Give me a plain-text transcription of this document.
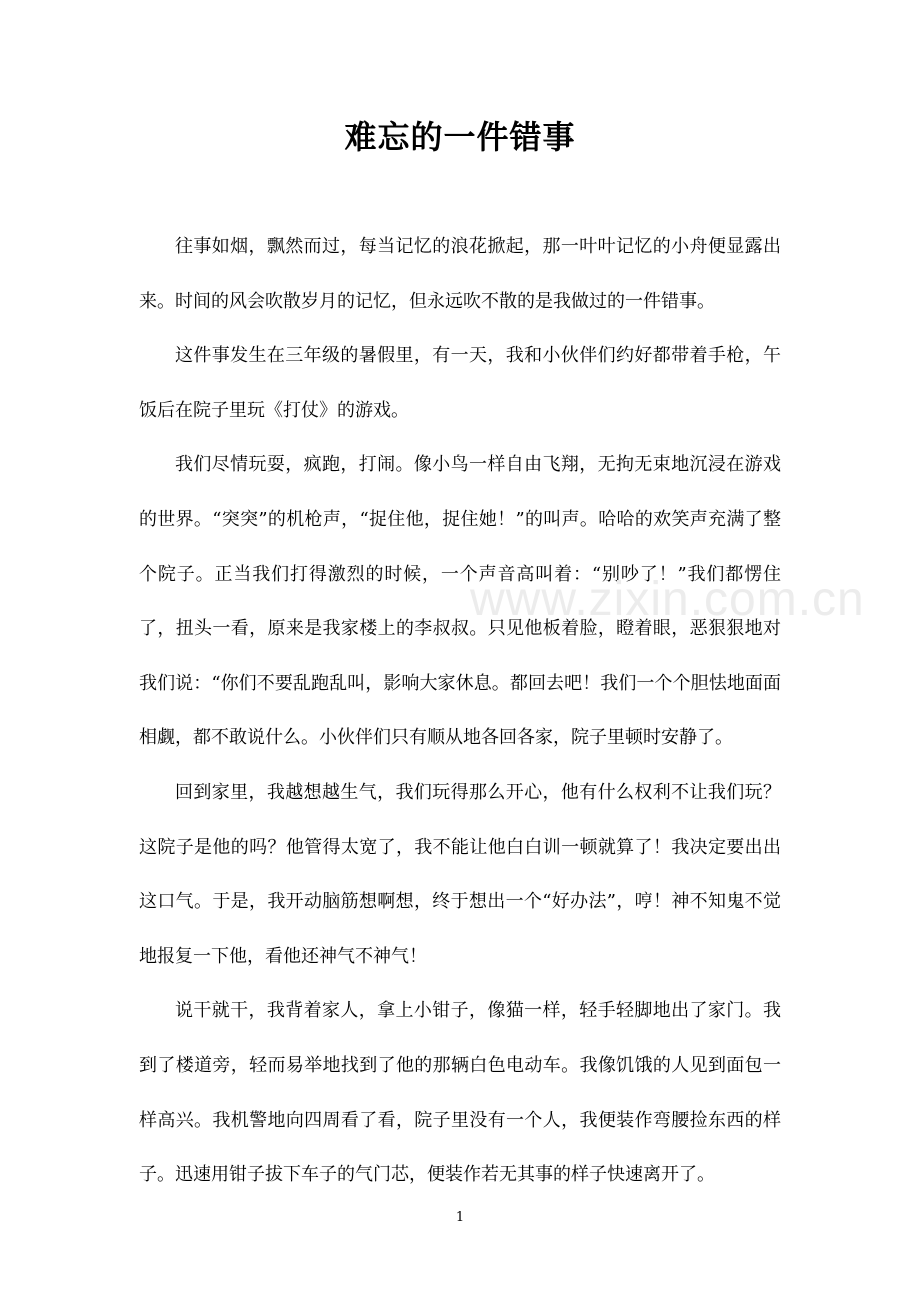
难忘的一件错事

往事如烟，飘然而过，每当记忆的浪花掀起，那一叶叶记忆的小舟便显露出来。时间的风会吹散岁月的记忆，但永远吹不散的是我做过的一件错事。

这件事发生在三年级的暑假里，有一天，我和小伙伴们约好都带着手枪，午饭后在院子里玩《打仗》的游戏。

我们尽情玩耍，疯跑，打闹。像小鸟一样自由飞翔，无拘无束地沉浸在游戏的世界。“突突”的机枪声，“捉住他，捉住她！”的叫声。哈哈的欢笑声充满了整个院子。正当我们打得激烈的时候，一个声音高叫着：“别吵了！”我们都愣住了，扭头一看，原来是我家楼上的李叔叔。只见他板着脸，瞪着眼，恶狠狠地对我们说：“你们不要乱跑乱叫，影响大家休息。都回去吧！我们一个个胆怯地面面相觑，都不敢说什么。小伙伴们只有顺从地各回各家，院子里顿时安静了。

回到家里，我越想越生气，我们玩得那么开心，他有什么权利不让我们玩？这院子是他的吗？他管得太宽了，我不能让他白白训一顿就算了！我决定要出出这口气。于是，我开动脑筋想啊想，终于想出一个“好办法”，哼！神不知鬼不觉地报复一下他，看他还神气不神气！

说干就干，我背着家人，拿上小钳子，像猫一样，轻手轻脚地出了家门。我到了楼道旁，轻而易举地找到了他的那辆白色电动车。我像饥饿的人见到面包一样高兴。我机警地向四周看了看，院子里没有一个人，我便装作弯腰捡东西的样子。迅速用钳子拔下车子的气门芯，便装作若无其事的样子快速离开了。

www.zixin.com.cn
1
